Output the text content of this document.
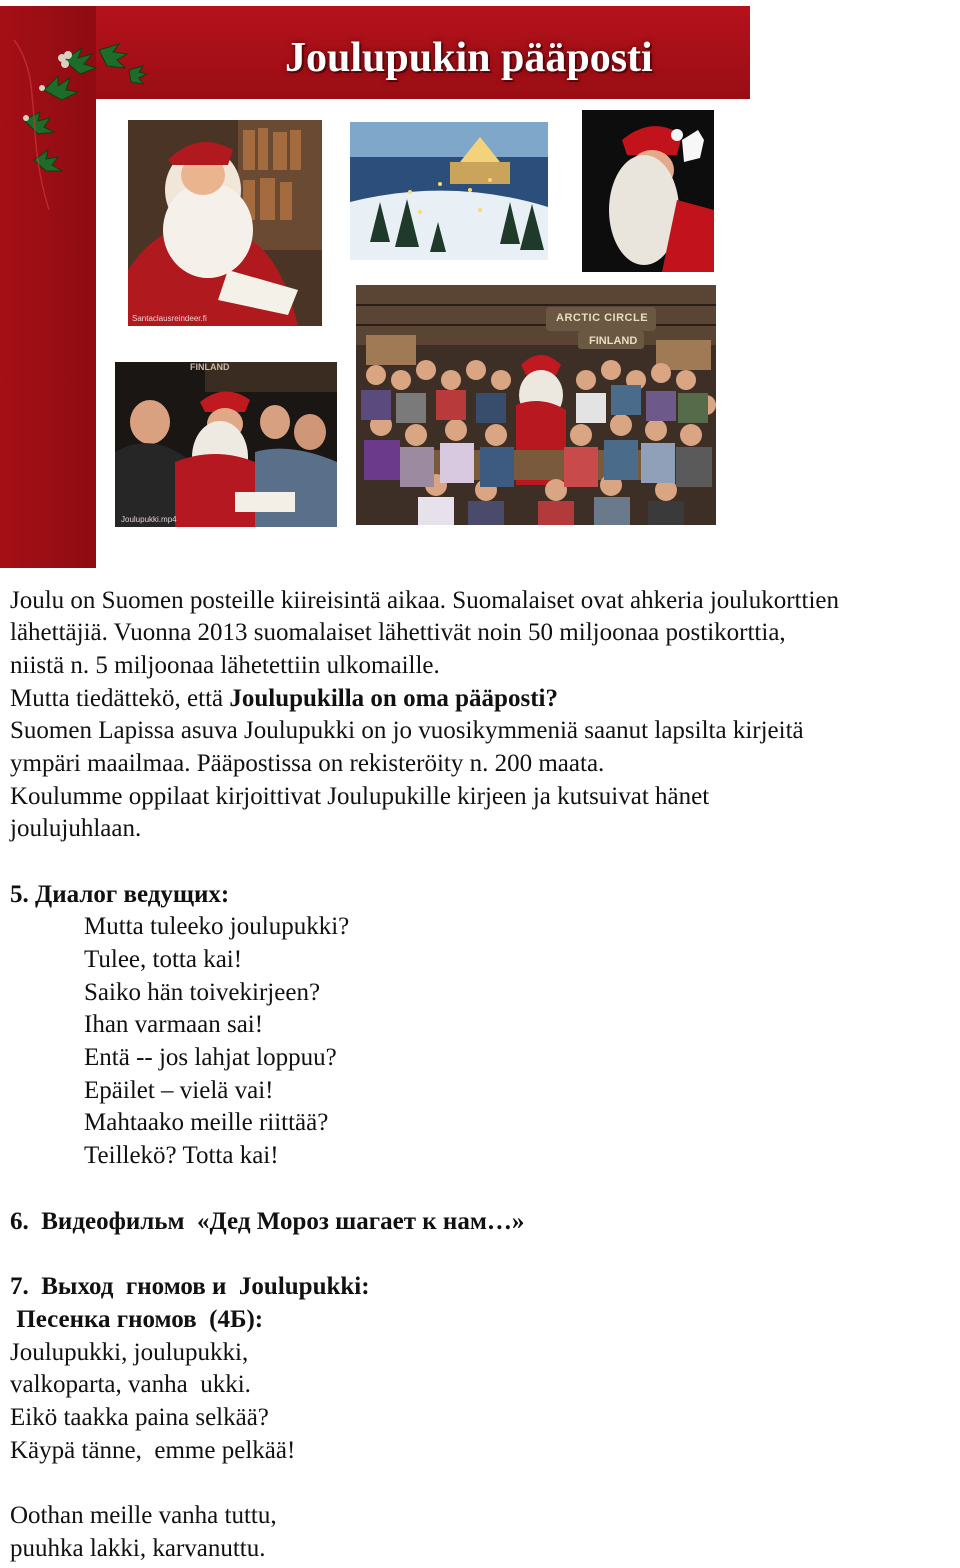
Joulupukin pääposti
Santaclausreindeer.fi
Joulupukki.mp4
ARCTIC CIRCLE
FINLAND
FINLAND
Joulu on Suomen posteille kiireisintä aikaa. Suomalaiset ovat ahkeria joulukorttien
lähettäjiä. Vuonna 2013 suomalaiset lähettivät noin 50 miljoonaa postikorttia,
niistä n. 5 miljoonaa lähetettiin ulkomaille.
Mutta tiedättekö, että Joulupukilla on oma pääposti?
Suomen Lapissa asuva Joulupukki on jo vuosikymmeniä saanut lapsilta kirjeitä
ympäri maailmaa. Pääpostissa on rekisteröity n. 200 maata.
Koulumme oppilaat kirjoittivat Joulupukille kirjeen ja kutsuivat hänet
joulujuhlaan.
5. Диалог ведущих:
Mutta tuleeko joulupukki?
Tulee, totta kai!
Saiko hän toivekirjeen?
Ihan varmaan sai!
Entä -- jos lahjat loppuu?
Epäilet – vielä vai!
Mahtaako meille riittää?
Teillekö? Totta kai!
6.  Видеофильм  «Дед Мороз шагает к нам…»
7.  Выход  гномов и  Joulupukki:
Песенка гномов  (4Б):
Joulupukki, joulupukki,
valkoparta, vanha  ukki.
Eikö taakka paina selkää?
Käypä tänne,  emme pelkää!
Oothan meille vanha tuttu,
puuhka lakki, karvanuttu.
